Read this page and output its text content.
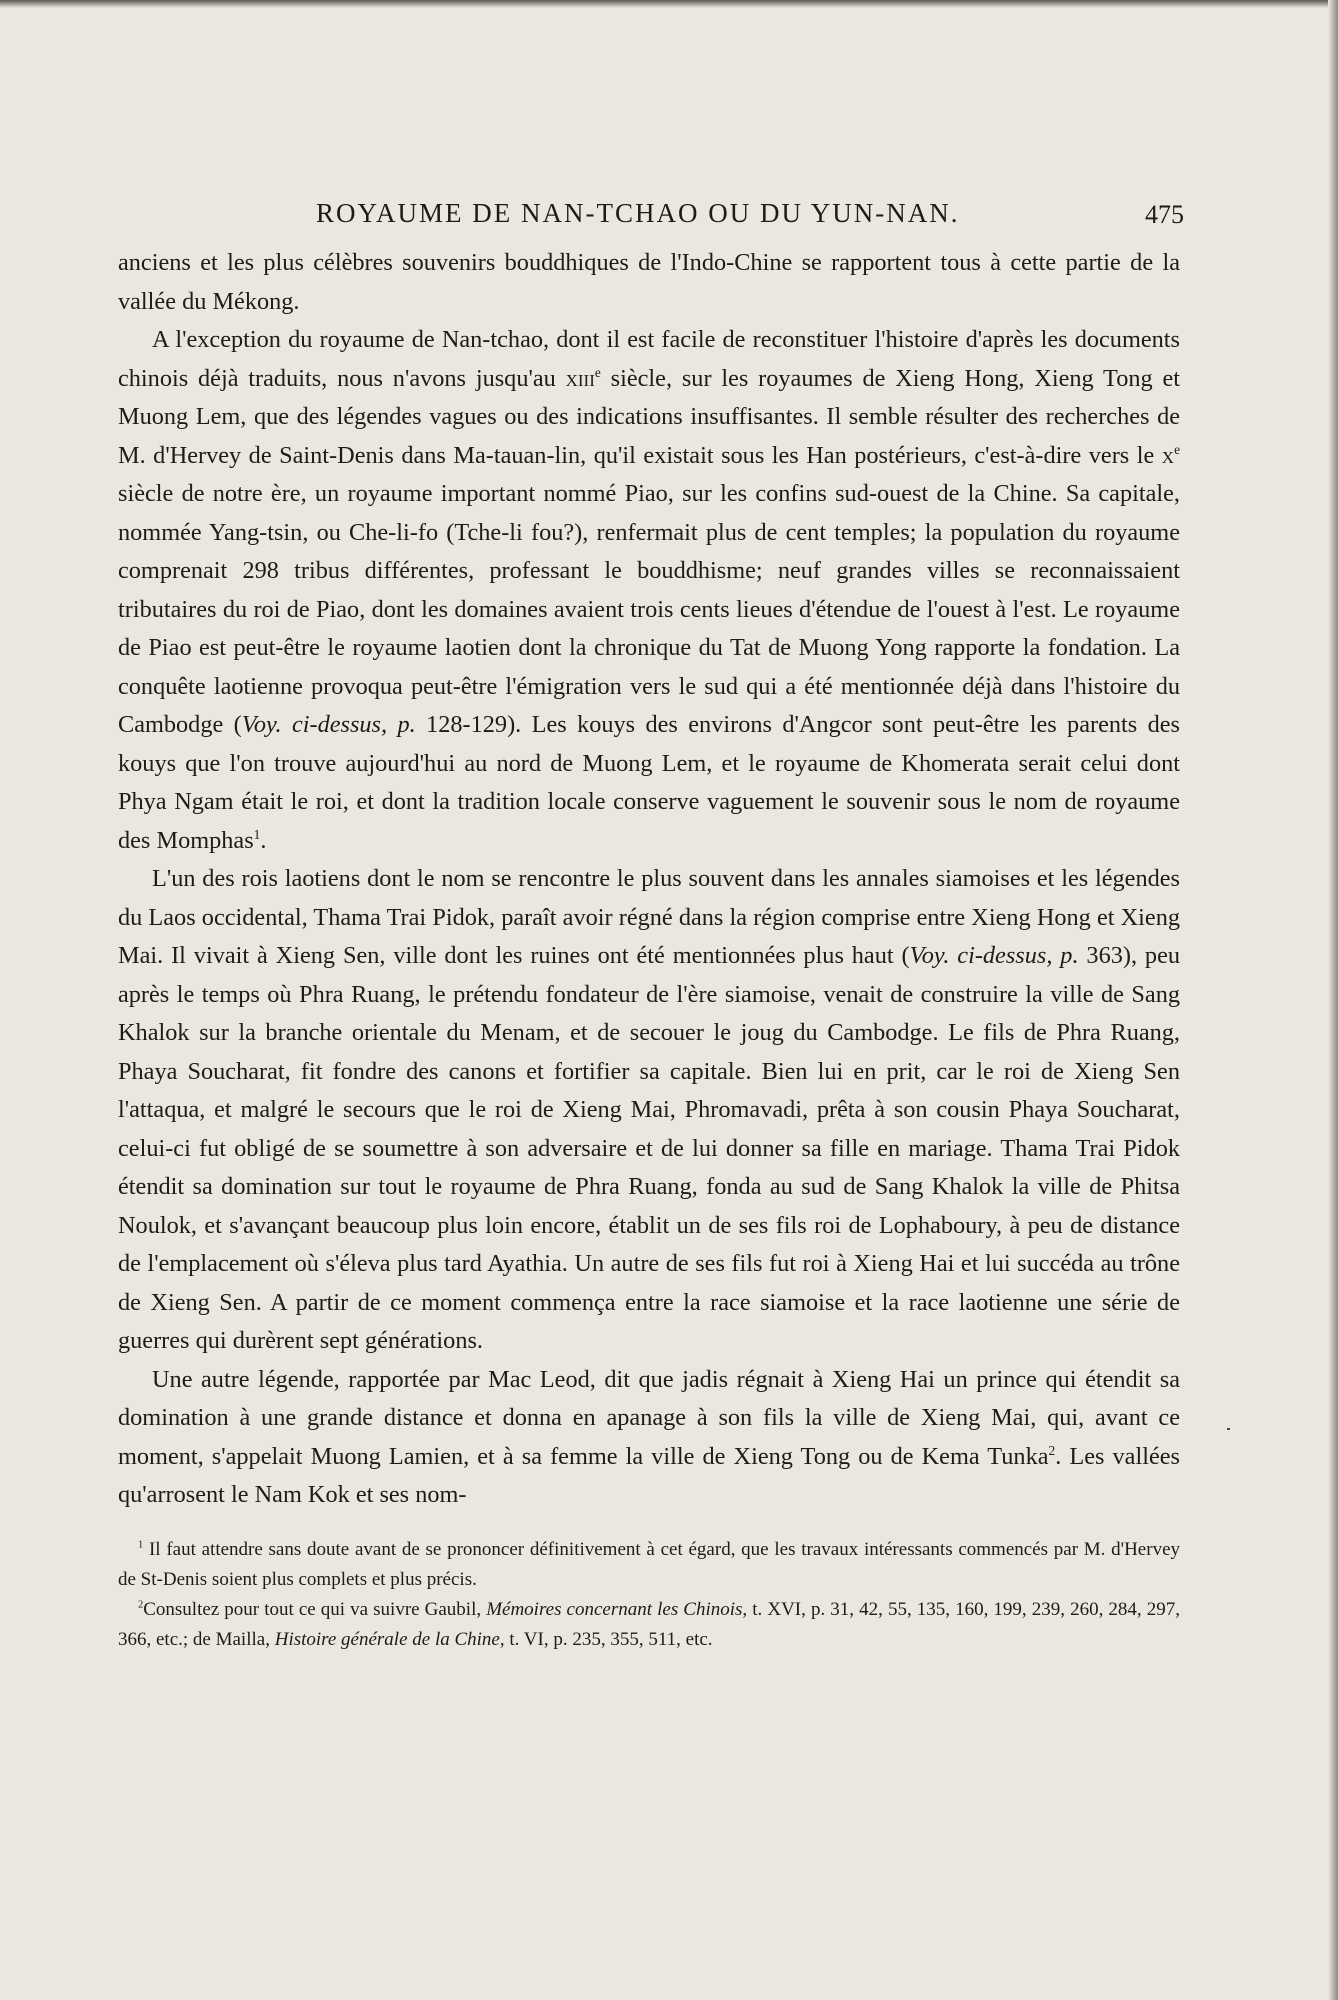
ROYAUME DE NAN-TCHAO OU DU YUN-NAN.	475

anciens et les plus célèbres souvenirs bouddhiques de l'Indo-Chine se rapportent tous à cette partie de la vallée du Mékong.

A l'exception du royaume de Nan-tchao, dont il est facile de reconstituer l'histoire d'après les documents chinois déjà traduits, nous n'avons jusqu'au xiii$^e$ siècle, sur les royaumes de Xieng Hong, Xieng Tong et Muong Lem, que des légendes vagues ou des indications insuffisantes. Il semble résulter des recherches de M. d'Hervey de Saint-Denis dans Ma-tauan-lin, qu'il existait sous les Han postérieurs, c'est-à-dire vers le $x^e$ siècle de notre ère, un royaume important nommé Piao, sur les confins sud-ouest de la Chine. Sa capitale, nommée Yang-tsin, ou Che-li-fo (Tche-li fou?), renfermait plus de cent temples; la population du royaume comprenait 298 tribus différentes, professant le bouddhisme; neuf grandes villes se reconnaissaient tributaires du roi de Piao, dont les domaines avaient trois cents lieues d'étendue de l'ouest à l'est. Le royaume de Piao est peut-être le royaume laotien dont la chronique du Tat de Muong Yong rapporte la fondation. La conquête laotienne provoqua peut-être l'émigration vers le sud qui a été mentionnée déjà dans l'histoire du Cambodge (Voy. ci-dessus, p. 128-129). Les kouys des environs d'Angcor sont peut-être les parents des kouys que l'on trouve aujourd'hui au nord de Muong Lem, et le royaume de Khomerata serait celui dont Phya Ngam était le roi, et dont la tradition locale conserve vaguement le souvenir sous le nom de royaume des Momphas$^1$.

L'un des rois laotiens dont le nom se rencontre le plus souvent dans les annales siamoises et les légendes du Laos occidental, Thama Trai Pidok, paraît avoir régné dans la région comprise entre Xieng Hong et Xieng Mai. Il vivait à Xieng Sen, ville dont les ruines ont été mentionnées plus haut (Voy. ci-dessus, p. 363), peu après le temps où Phra Ruang, le prétendu fondateur de l'ère siamoise, venait de construire la ville de Sang Khalok sur la branche orientale du Menam, et de secouer le joug du Cambodge. Le fils de Phra Ruang, Phaya Soucharat, fit fondre des canons et fortifier sa capitale. Bien lui en prit, car le roi de Xieng Sen l'attaqua, et malgré le secours que le roi de Xieng Mai, Phromavadi, prêta à son cousin Phaya Soucharat, celui-ci fut obligé de se soumettre à son adversaire et de lui donner sa fille en mariage. Thama Trai Pidok étendit sa domination sur tout le royaume de Phra Ruang, fonda au sud de Sang Khalok la ville de Phitsa Noulok, et s'avançant beaucoup plus loin encore, établit un de ses fils roi de Lophaboury, à peu de distance de l'emplacement où s'éleva plus tard Ayathia. Un autre de ses fils fut roi à Xieng Hai et lui succéda au trône de Xieng Sen. A partir de ce moment commença entre la race siamoise et la race laotienne une série de guerres qui durèrent sept générations.

Une autre légende, rapportée par Mac Leod, dit que jadis régnait à Xieng Hai un prince qui étendit sa domination à une grande distance et donna en apanage à son fils la ville de Xieng Mai, qui, avant ce moment, s'appelait Muong Lamien, et à sa femme la ville de Xieng Tong ou de Kema Tunka$^2$. Les vallées qu'arrosent le Nam Kok et ses nom-

$^1$ Il faut attendre sans doute avant de se prononcer définitivement à cet égard, que les travaux intéressants commencés par M. d'Hervey de St-Denis soient plus complets et plus précis.

$^2$Consultez pour tout ce qui va suivre Gaubil, Mémoires concernant les Chinois, t. XVI, p. 31, 42, 55, 135, 160, 199, 239, 260, 284, 297, 366, etc.; de Mailla, Histoire générale de la Chine, t. VI, p. 235, 355, 511, etc.
